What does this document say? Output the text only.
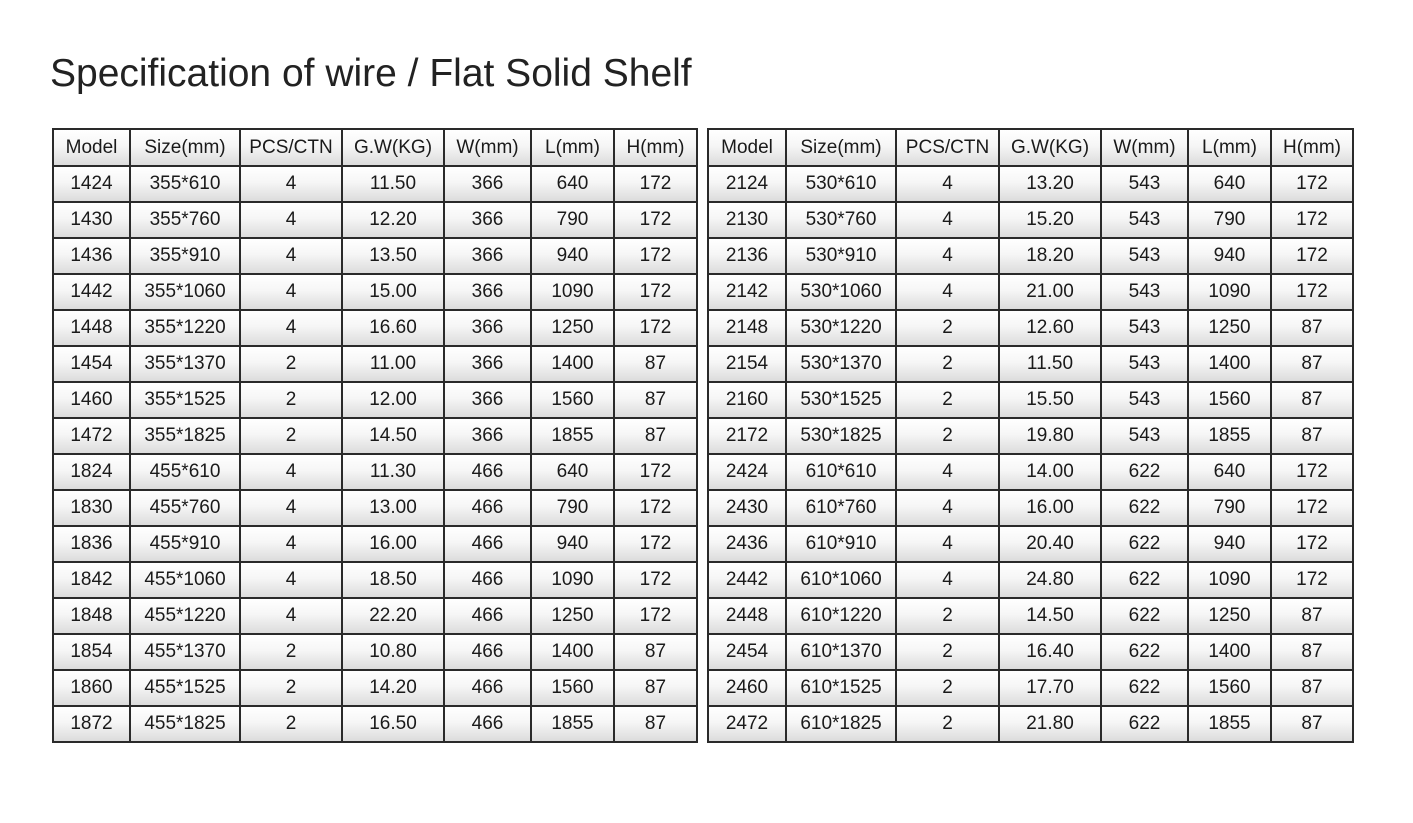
Specification of wire / Flat Solid Shelf
Model	Size(mm)	PCS/CTN	G.W(KG)	W(mm)	L(mm)	H(mm)
1424	355*610	4	11.50	366	640	172
1430	355*760	4	12.20	366	790	172
1436	355*910	4	13.50	366	940	172
1442	355*1060	4	15.00	366	1090	172
1448	355*1220	4	16.60	366	1250	172
1454	355*1370	2	11.00	366	1400	87
1460	355*1525	2	12.00	366	1560	87
1472	355*1825	2	14.50	366	1855	87
1824	455*610	4	11.30	466	640	172
1830	455*760	4	13.00	466	790	172
1836	455*910	4	16.00	466	940	172
1842	455*1060	4	18.50	466	1090	172
1848	455*1220	4	22.20	466	1250	172
1854	455*1370	2	10.80	466	1400	87
1860	455*1525	2	14.20	466	1560	87
1872	455*1825	2	16.50	466	1855	87
Model	Size(mm)	PCS/CTN	G.W(KG)	W(mm)	L(mm)	H(mm)
2124	530*610	4	13.20	543	640	172
2130	530*760	4	15.20	543	790	172
2136	530*910	4	18.20	543	940	172
2142	530*1060	4	21.00	543	1090	172
2148	530*1220	2	12.60	543	1250	87
2154	530*1370	2	11.50	543	1400	87
2160	530*1525	2	15.50	543	1560	87
2172	530*1825	2	19.80	543	1855	87
2424	610*610	4	14.00	622	640	172
2430	610*760	4	16.00	622	790	172
2436	610*910	4	20.40	622	940	172
2442	610*1060	4	24.80	622	1090	172
2448	610*1220	2	14.50	622	1250	87
2454	610*1370	2	16.40	622	1400	87
2460	610*1525	2	17.70	622	1560	87
2472	610*1825	2	21.80	622	1855	87
